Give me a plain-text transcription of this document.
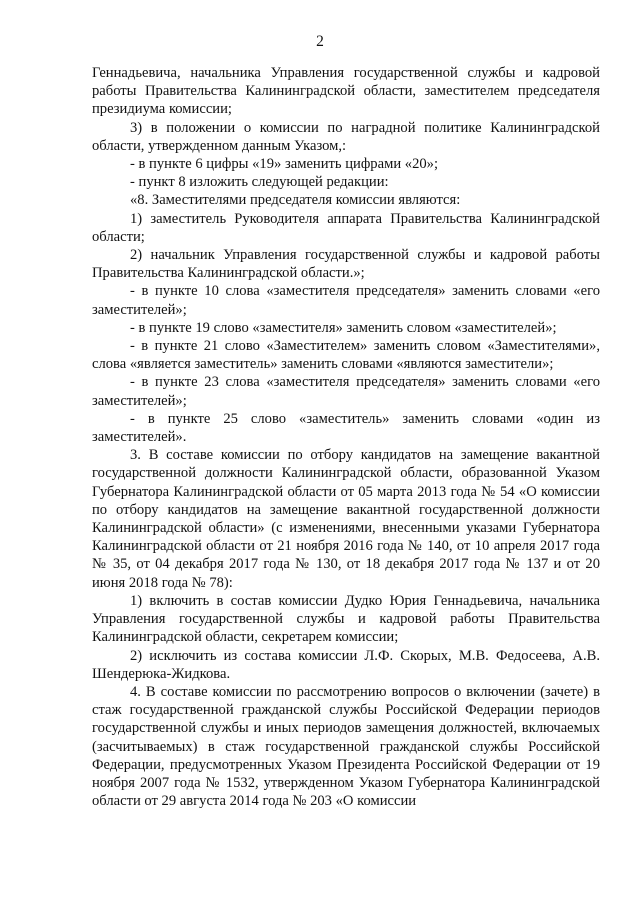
2

Геннадьевича, начальника Управления государственной службы и кадровой работы Правительства Калининградской области, заместителем председателя президиума комиссии;

3) в положении о комиссии по наградной политике Калининградской области, утвержденном данным Указом,:

- в пункте 6 цифры «19» заменить цифрами «20»;

- пункт 8 изложить следующей редакции:

«8. Заместителями председателя комиссии являются:

1) заместитель Руководителя аппарата Правительства Калининградской области;

2) начальник Управления государственной службы и кадровой работы Правительства Калининградской области.»;

- в пункте 10 слова «заместителя председателя» заменить словами «его заместителей»;

- в пункте 19 слово «заместителя» заменить словом «заместителей»;

- в пункте 21 слово «Заместителем» заменить словом «Заместителями», слова «является заместитель» заменить словами «являются заместители»;

- в пункте 23 слова «заместителя председателя» заменить словами «его заместителей»;

- в пункте 25 слово «заместитель» заменить словами «один из заместителей».

3. В составе комиссии по отбору кандидатов на замещение вакантной государственной должности Калининградской области, образованной Указом Губернатора Калининградской области от 05 марта 2013 года № 54 «О комиссии по отбору кандидатов на замещение вакантной государственной должности Калининградской области» (с изменениями, внесенными указами Губернатора Калининградской области от 21 ноября 2016 года № 140, от 10 апреля 2017 года № 35, от 04 декабря 2017 года № 130, от 18 декабря 2017 года № 137 и от 20 июня 2018 года № 78):

1) включить в состав комиссии Дудко Юрия Геннадьевича, начальника Управления государственной службы и кадровой работы Правительства Калининградской области, секретарем комиссии;

2) исключить из состава комиссии Л.Ф. Скорых, М.В. Федосеева, А.В. Шендерюка-Жидкова.

4. В составе комиссии по рассмотрению вопросов о включении (зачете) в стаж государственной гражданской службы Российской Федерации периодов государственной службы и иных периодов замещения должностей, включаемых (засчитываемых) в стаж государственной гражданской службы Российской Федерации, предусмотренных Указом Президента Российской Федерации от 19 ноября 2007 года № 1532, утвержденном Указом Губернатора Калининградской области от 29 августа 2014 года № 203 «О комиссии
